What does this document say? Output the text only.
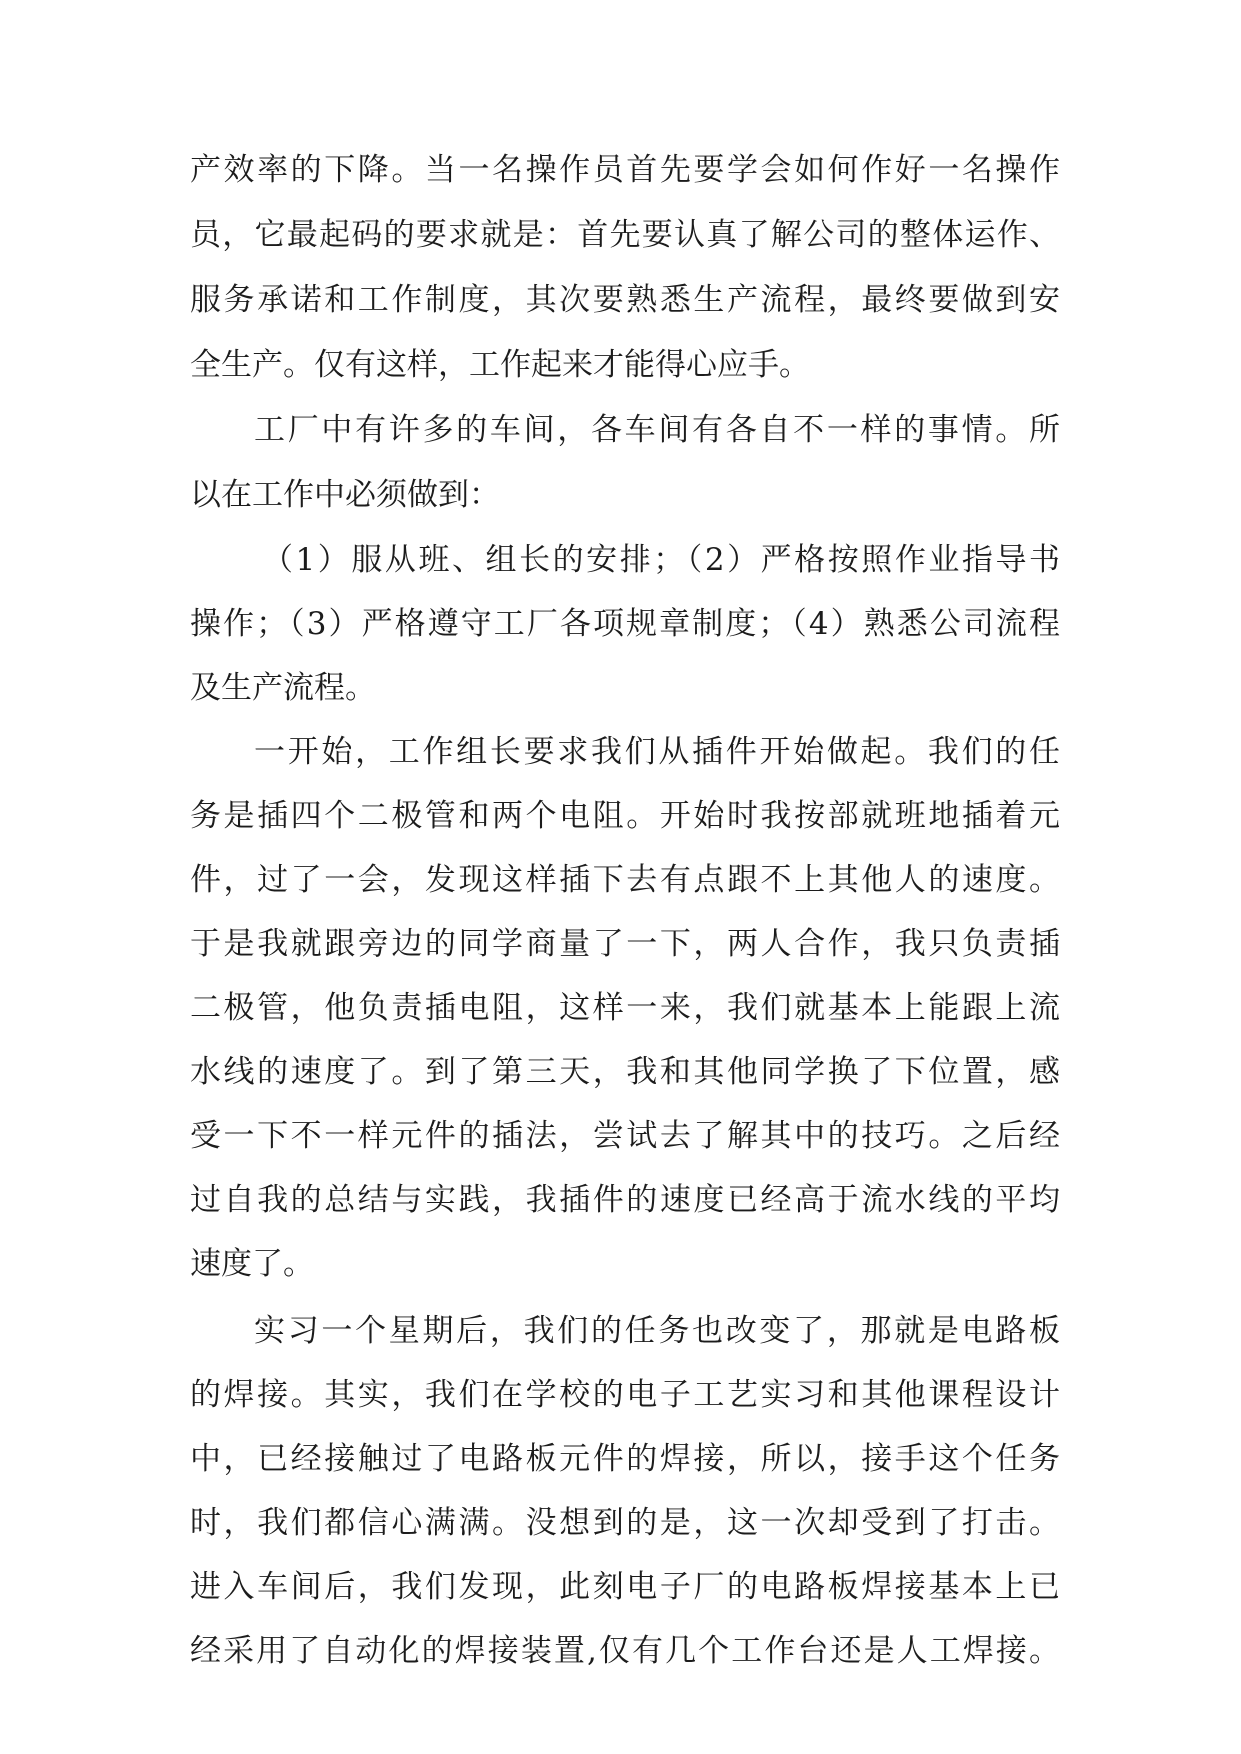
产效率的下降。当一名操作员首先要学会如何作好一名操作

员，它最起码的要求就是：首先要认真了解公司的整体运作、

服务承诺和工作制度，其次要熟悉生产流程，最终要做到安

全生产。仅有这样，工作起来才能得心应手。

工厂中有许多的车间，各车间有各自不一样的事情。所

以在工作中必须做到：

（1）服从班、组长的安排；（2）严格按照作业指导书

操作；（3）严格遵守工厂各项规章制度；（4）熟悉公司流程

及生产流程。

一开始，工作组长要求我们从插件开始做起。我们的任

务是插四个二极管和两个电阻。开始时我按部就班地插着元

件，过了一会，发现这样插下去有点跟不上其他人的速度。

于是我就跟旁边的同学商量了一下，两人合作，我只负责插

二极管，他负责插电阻，这样一来，我们就基本上能跟上流

水线的速度了。到了第三天，我和其他同学换了下位置，感

受一下不一样元件的插法，尝试去了解其中的技巧。之后经

过自我的总结与实践，我插件的速度已经高于流水线的平均

速度了。

实习一个星期后，我们的任务也改变了，那就是电路板

的焊接。其实，我们在学校的电子工艺实习和其他课程设计

中，已经接触过了电路板元件的焊接，所以，接手这个任务

时，我们都信心满满。没想到的是，这一次却受到了打击。

进入车间后，我们发现，此刻电子厂的电路板焊接基本上已

经采用了自动化的焊接装置,仅有几个工作台还是人工焊接。
